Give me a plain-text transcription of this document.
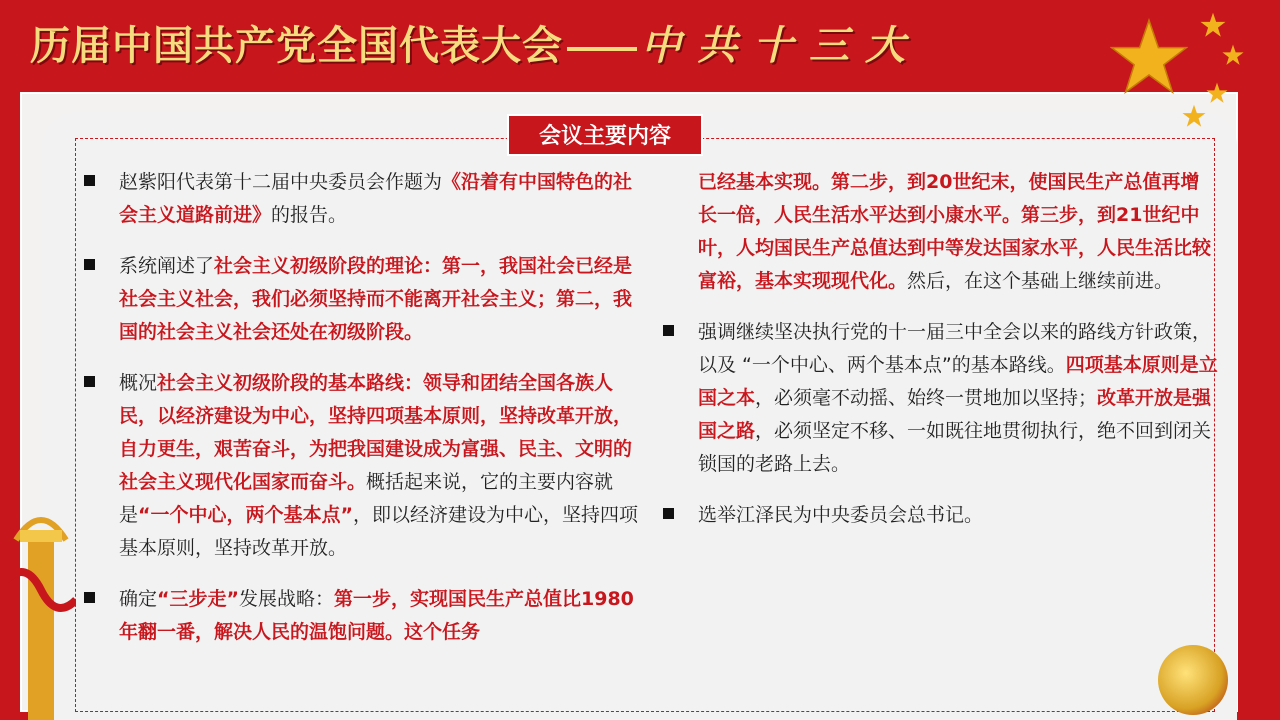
历届中国共产党全国代表大会 中共十三大
会议主要内容
赵紫阳代表第十二届中央委员会作题为《沿着有中国特色的社会主义道路前进》的报告。
系统阐述了社会主义初级阶段的理论：第一，我国社会已经是社会主义社会，我们必须坚持而不能离开社会主义；第二，我国的社会主义社会还处在初级阶段。
概况社会主义初级阶段的基本路线：领导和团结全国各族人民，以经济建设为中心，坚持四项基本原则，坚持改革开放，自力更生，艰苦奋斗，为把我国建设成为富强、民主、文明的社会主义现代化国家而奋斗。概括起来说，它的主要内容就是“一个中心，两个基本点”，即以经济建设为中心，坚持四项基本原则，坚持改革开放。
确定“三步走”发展战略：第一步，实现国民生产总值比1980年翻一番，解决人民的温饱问题。这个任务
已经基本实现。第二步，到20世纪末，使国民生产总值再增长一倍，人民生活水平达到小康水平。第三步，到21世纪中叶，人均国民生产总值达到中等发达国家水平，人民生活比较富裕，基本实现现代化。然后，在这个基础上继续前进。
强调继续坚决执行党的十一届三中全会以来的路线方针政策，以及 “一个中心、两个基本点”的基本路线。四项基本原则是立国之本，必须毫不动摇、始终一贯地加以坚持；改革开放是强国之路，必须坚定不移、一如既往地贯彻执行，绝不回到闭关锁国的老路上去。
选举江泽民为中央委员会总书记。
